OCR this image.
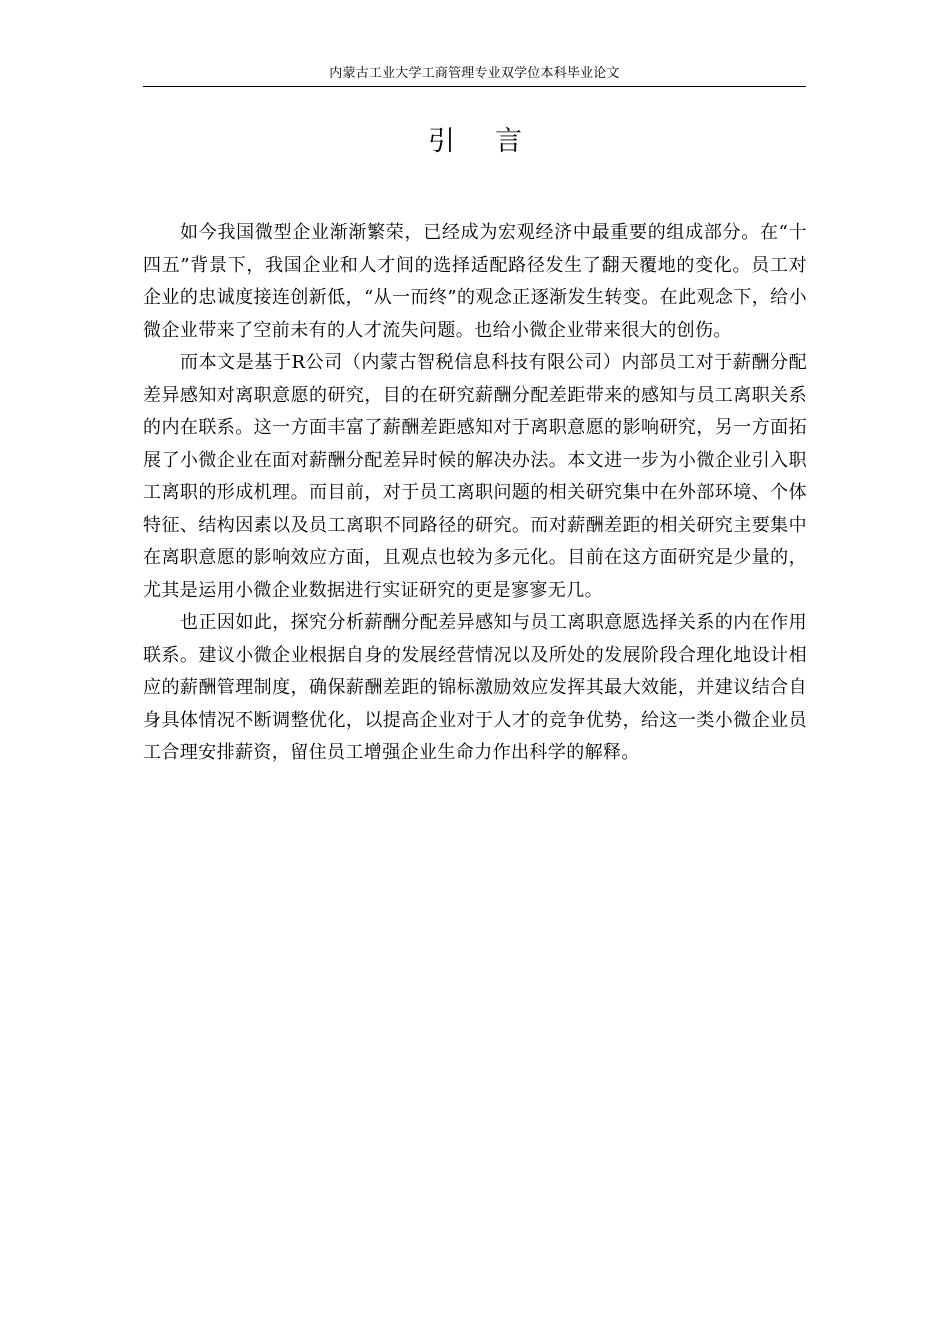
内蒙古工业大学工商管理专业双学位本科毕业论文
引言

如今我国微型企业渐渐繁荣，已经成为宏观经济中最重要的组成部分。在“十四五”背景下，我国企业和人才间的选择适配路径发生了翻天覆地的变化。员工对企业的忠诚度接连创新低，“从一而终”的观念正逐渐发生转变。在此观念下，给小微企业带来了空前未有的人才流失问题。也给小微企业带来很大的创伤。

而本文是基于R公司（内蒙古智税信息科技有限公司）内部员工对于薪酬分配差异感知对离职意愿的研究，目的在研究薪酬分配差距带来的感知与员工离职关系的内在联系。这一方面丰富了薪酬差距感知对于离职意愿的影响研究，另一方面拓展了小微企业在面对薪酬分配差异时候的解决办法。本文进一步为小微企业引入职工离职的形成机理。而目前，对于员工离职问题的相关研究集中在外部环境、个体特征、结构因素以及员工离职不同路径的研究。而对薪酬差距的相关研究主要集中在离职意愿的影响效应方面，且观点也较为多元化。目前在这方面研究是少量的，尤其是运用小微企业数据进行实证研究的更是寥寥无几。

也正因如此，探究分析薪酬分配差异感知与员工离职意愿选择关系的内在作用联系。建议小微企业根据自身的发展经营情况以及所处的发展阶段合理化地设计相应的薪酬管理制度，确保薪酬差距的锦标激励效应发挥其最大效能，并建议结合自身具体情况不断调整优化，以提高企业对于人才的竞争优势，给这一类小微企业员工合理安排薪资，留住员工增强企业生命力作出科学的解释。
